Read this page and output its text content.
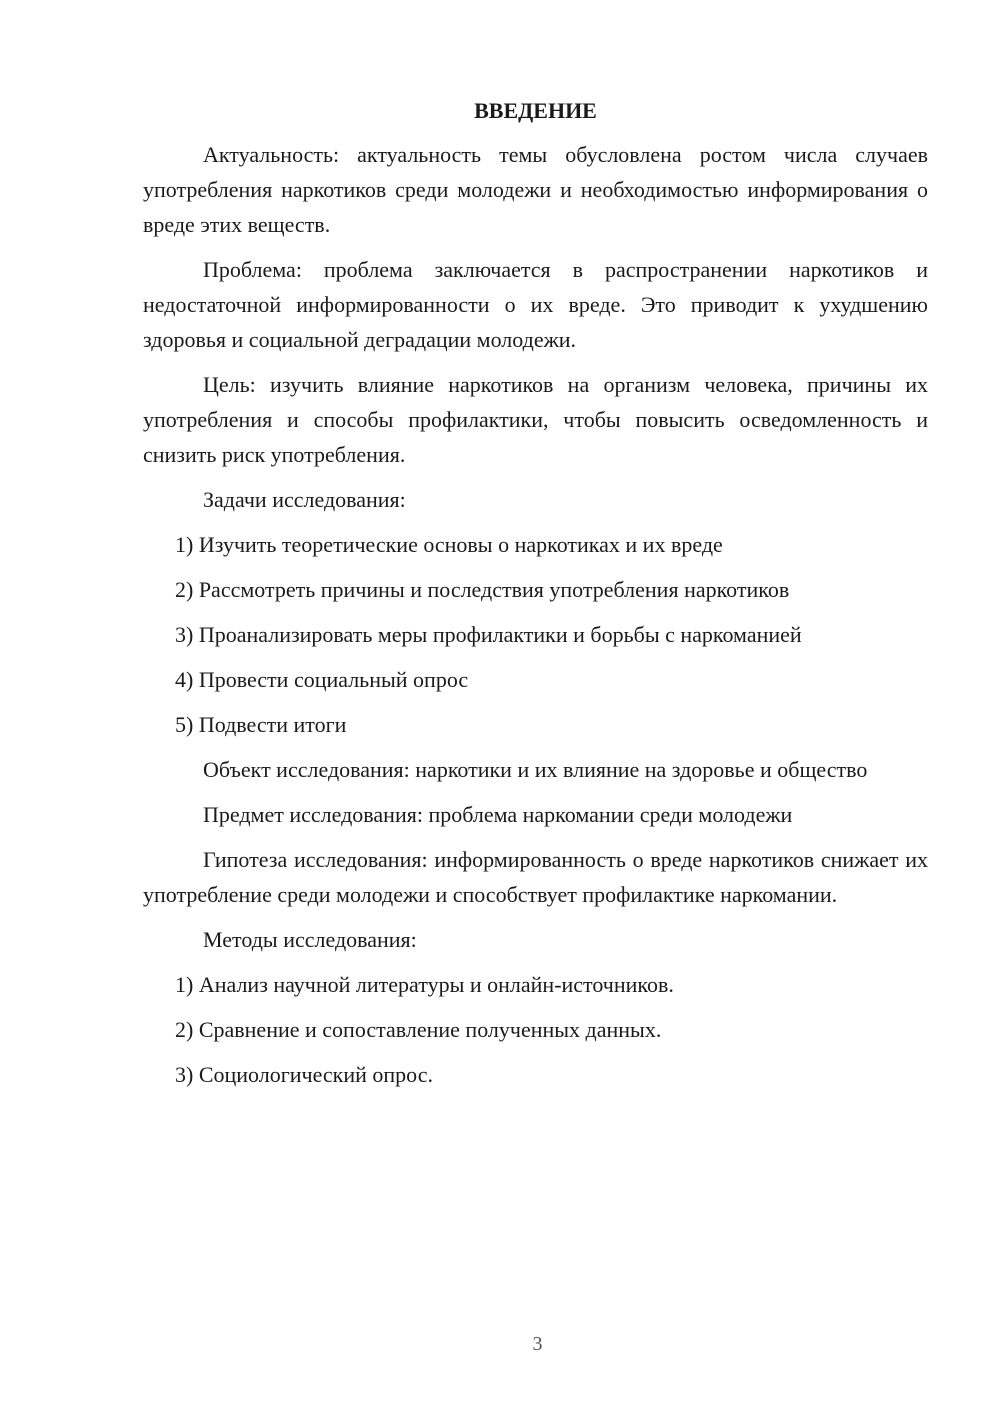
ВВЕДЕНИЕ

Актуальность: актуальность темы обусловлена ростом числа случаев употребления наркотиков среди молодежи и необходимостью информирования о вреде этих веществ.

Проблема: проблема заключается в распространении наркотиков и недостаточной информированности о их вреде. Это приводит к ухудшению здоровья и социальной деградации молодежи.

Цель: изучить влияние наркотиков на организм человека, причины их употребления и способы профилактики, чтобы повысить осведомленность и снизить риск употребления.

Задачи исследования:

1) Изучить теоретические основы о наркотиках и их вреде
2) Рассмотреть причины и последствия употребления наркотиков
3) Проанализировать меры профилактики и борьбы с наркоманией
4) Провести социальный опрос
5) Подвести итоги

Объект исследования: наркотики и их влияние на здоровье и общество

Предмет исследования: проблема наркомании среди молодежи

Гипотеза исследования: информированность о вреде наркотиков снижает их употребление среди молодежи и способствует профилактике наркомании.

Методы исследования:

1) Анализ научной литературы и онлайн-источников.
2) Сравнение и сопоставление полученных данных.
3) Социологический опрос.
3
